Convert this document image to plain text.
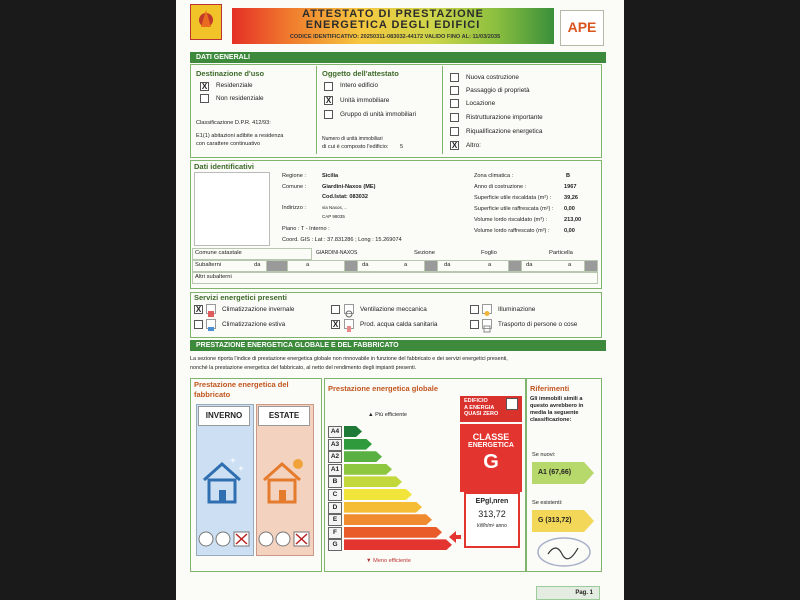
ATTESTATO DI PRESTAZIONE
ENERGETICA DEGLI EDIFICI
CODICE IDENTIFICATIVO: 20250311-083032-44172 VALIDO FINO AL: 11/03/2035
APE
DATI GENERALI
Destinazione d'uso
X Residenziale
Non residenziale
Classificazione D.P.R. 412/93:
E1(1) abitazioni adibite a residenza
con carattere continuativo
Oggetto dell'attestato
Intero edificio
X Unità immobiliare
Gruppo di unità immobiliari
Numero di unità immobiliari
di cui è composto l'edificio: 5
Nuova costruzione
Passaggio di proprietà
Locazione
Ristrutturazione importante
Riqualificazione energetica
X Altro:
Dati identificativi
Regione :	Sicilia
Comune :	Giardini-Naxos (ME)
Cod.Istat: 083032
Indirizzo :	via Naxos, ..
CAP 98035
Piano : T - Interno :
Coord. GIS : Lat : 37.831286 ; Long : 15.269074
Zona climatica :	B
Anno di costruzione :	1967
Superficie utile riscaldata (m²) : 39,26
Superficie utile raffrescata (m²) : 0,00
Volume lordo riscaldato (m³) :	213,00
Volume lordo raffrescato (m³) :	0,00
Comune catastale	GIARDINI-NAXOS	Sezione	Foglio	Particella
Subalterni	da	a	da	a	da	a	da	a
Altri subalterni
Servizi energetici presenti
X	Climatizzazione invernale
Climatizzazione estiva
Ventilazione meccanica
X	Prod. acqua calda sanitaria
Illuminazione
Trasporto di persone o cose
PRESTAZIONE ENERGETICA GLOBALE E DEL FABBRICATO
La sezione riporta l'indice di prestazione energetica globale non rinnovabile in funzione del fabbricato e dei servizi energetici presenti,
nonché la prestazione energetica del fabbricato, al netto del rendimento degli impianti presenti.
Prestazione energetica del
fabbricato
INVERNO	ESTATE
+
+
Prestazione energetica globale
▲ Più efficiente
A4
A3
A2
A1
B
C
D
E
F
G
▼ Meno efficiente
EDIFICIO
A ENERGIA
QUASI ZERO
CLASSE
ENERGETICA
G
EPgl,nren
313,72
kWh/m² anno
Riferimenti
Gli immobili simili a
questo avrebbero in
media la seguente
classificazione:
Se nuovi:
A1 (67,66)
Se esistenti:
G (313,72)
Pag. 1
